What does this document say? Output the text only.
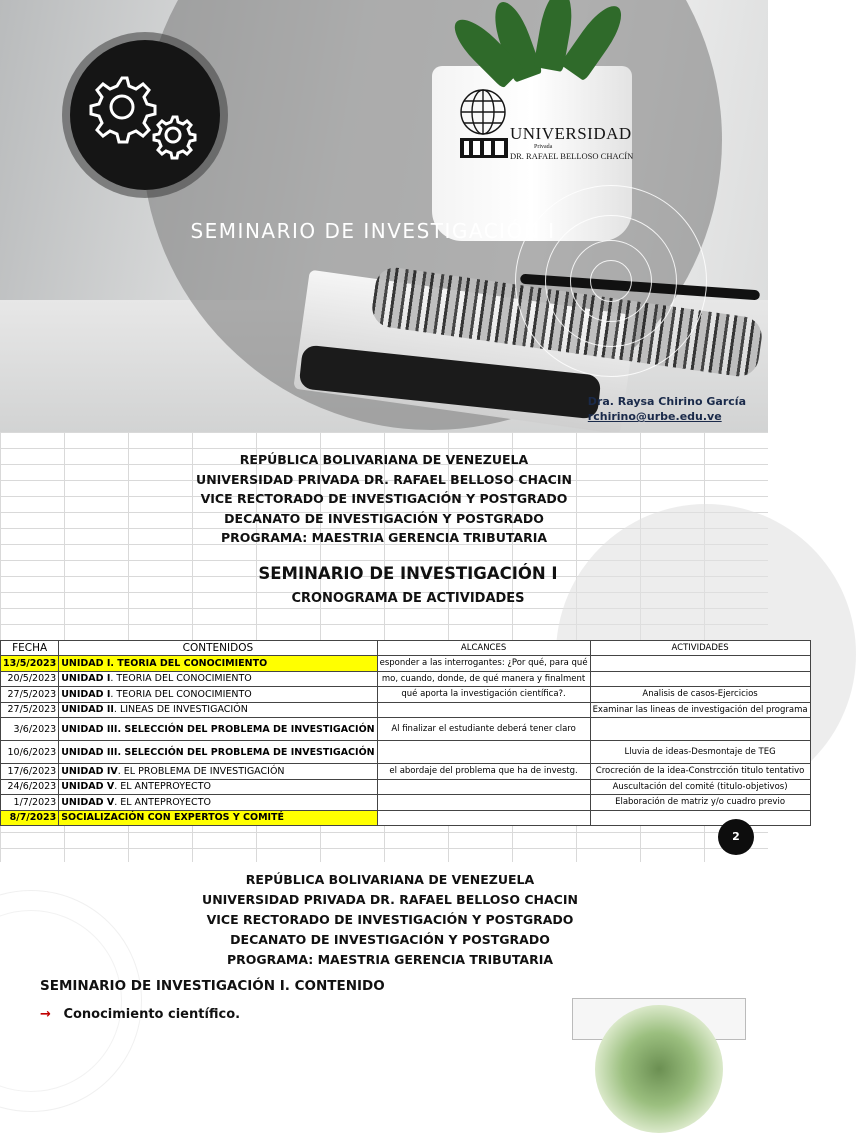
UNIVERSIDAD
Privada
DR. RAFAEL BELLOSO CHACÍN
SEMINARIO DE INVESTIGACIÓN I
Dra. Raysa Chirino García
rchirino@urbe.edu.ve
REPÚBLICA BOLIVARIANA DE VENEZUELA
UNIVERSIDAD PRIVADA DR. RAFAEL BELLOSO CHACIN
VICE RECTORADO DE INVESTIGACIÓN Y POSTGRADO
DECANATO DE INVESTIGACIÓN Y POSTGRADO
PROGRAMA: MAESTRIA GERENCIA TRIBUTARIA
SEMINARIO DE INVESTIGACIÓN I
CRONOGRAMA DE ACTIVIDADES
FECHA	CONTENIDOS	ALCANCES	ACTIVIDADES
13/5/2023	UNIDAD I. TEORIA DEL CONOCIMIENTO	esponder a las interrogantes: ¿Por qué, para qué	
20/5/2023	UNIDAD I. TEORIA DEL CONOCIMIENTO	mo, cuando, donde, de qué manera y finalment	
27/5/2023	UNIDAD I. TEORIA DEL CONOCIMIENTO	qué aporta la investigación científica?.	Analisis de casos-Ejercicios
27/5/2023	UNIDAD II. LINEAS DE INVESTIGACIÓN		Examinar las lineas de investigación del programa
3/6/2023	UNIDAD III. SELECCIÓN DEL PROBLEMA DE INVESTIGACIÓN	Al finalizar el estudiante deberá tener claro	
10/6/2023	UNIDAD III. SELECCIÓN DEL PROBLEMA DE INVESTIGACIÓN		Lluvia de ideas-Desmontaje de TEG
17/6/2023	UNIDAD IV. EL PROBLEMA DE INVESTIGACIÓN	el abordaje del problema que ha de investg.	Crocreción de la idea-Constrcción titulo tentativo
24/6/2023	UNIDAD V. EL ANTEPROYECTO		Auscultación del comité (titulo-objetivos)
1/7/2023	UNIDAD V. EL ANTEPROYECTO		Elaboración de matriz y/o cuadro previo
8/7/2023	SOCIALIZACIÓN CON EXPERTOS Y COMITÉ		
2
REPÚBLICA BOLIVARIANA DE VENEZUELA
UNIVERSIDAD PRIVADA DR. RAFAEL BELLOSO CHACIN
VICE RECTORADO DE INVESTIGACIÓN Y POSTGRADO
DECANATO DE INVESTIGACIÓN Y POSTGRADO
PROGRAMA: MAESTRIA GERENCIA TRIBUTARIA
SEMINARIO DE INVESTIGACIÓN I. CONTENIDO
→ Conocimiento científico.
